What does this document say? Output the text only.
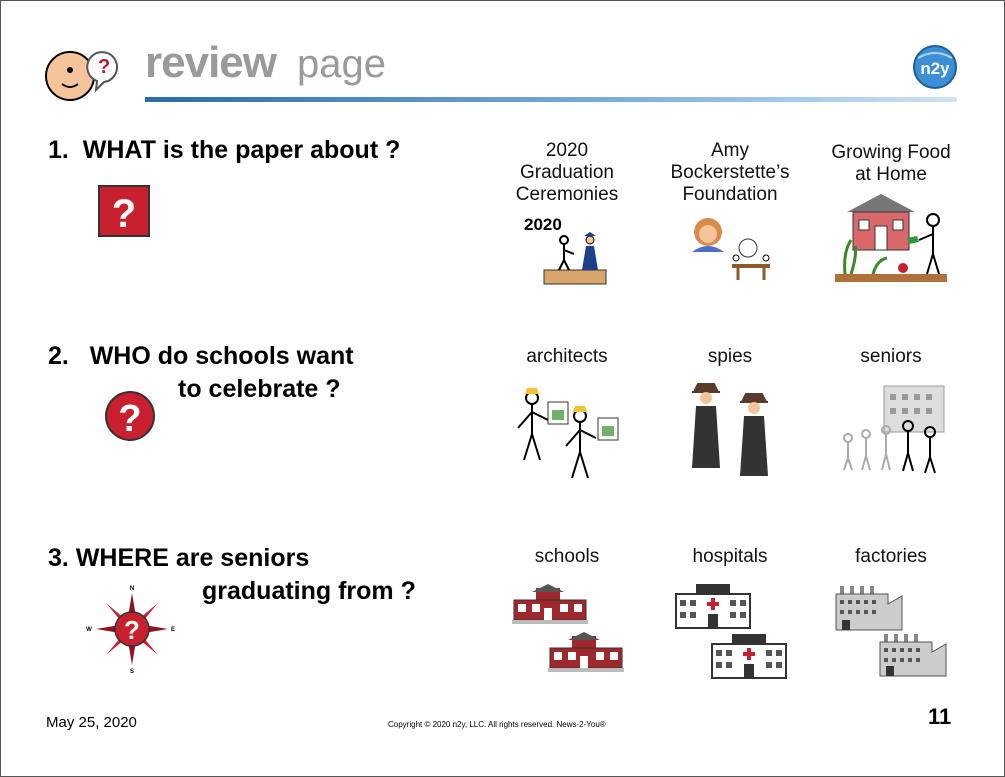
? review page	n2y
1. WHAT is the paper about ?
?
2. WHO do schools want
to celebrate ?
?
3. WHERE are seniors
graduating from ?
?
N
S
W	E
2020
Graduation
Ceremonies
2020
Amy
Bockerstette’s
Foundation
Growing Food
at Home
architects	spies	seniors
schools	hospitals	factories
May 25, 2020	Copyright © 2020 n2y, LLC. All rights reserved. News-2-You®	11
